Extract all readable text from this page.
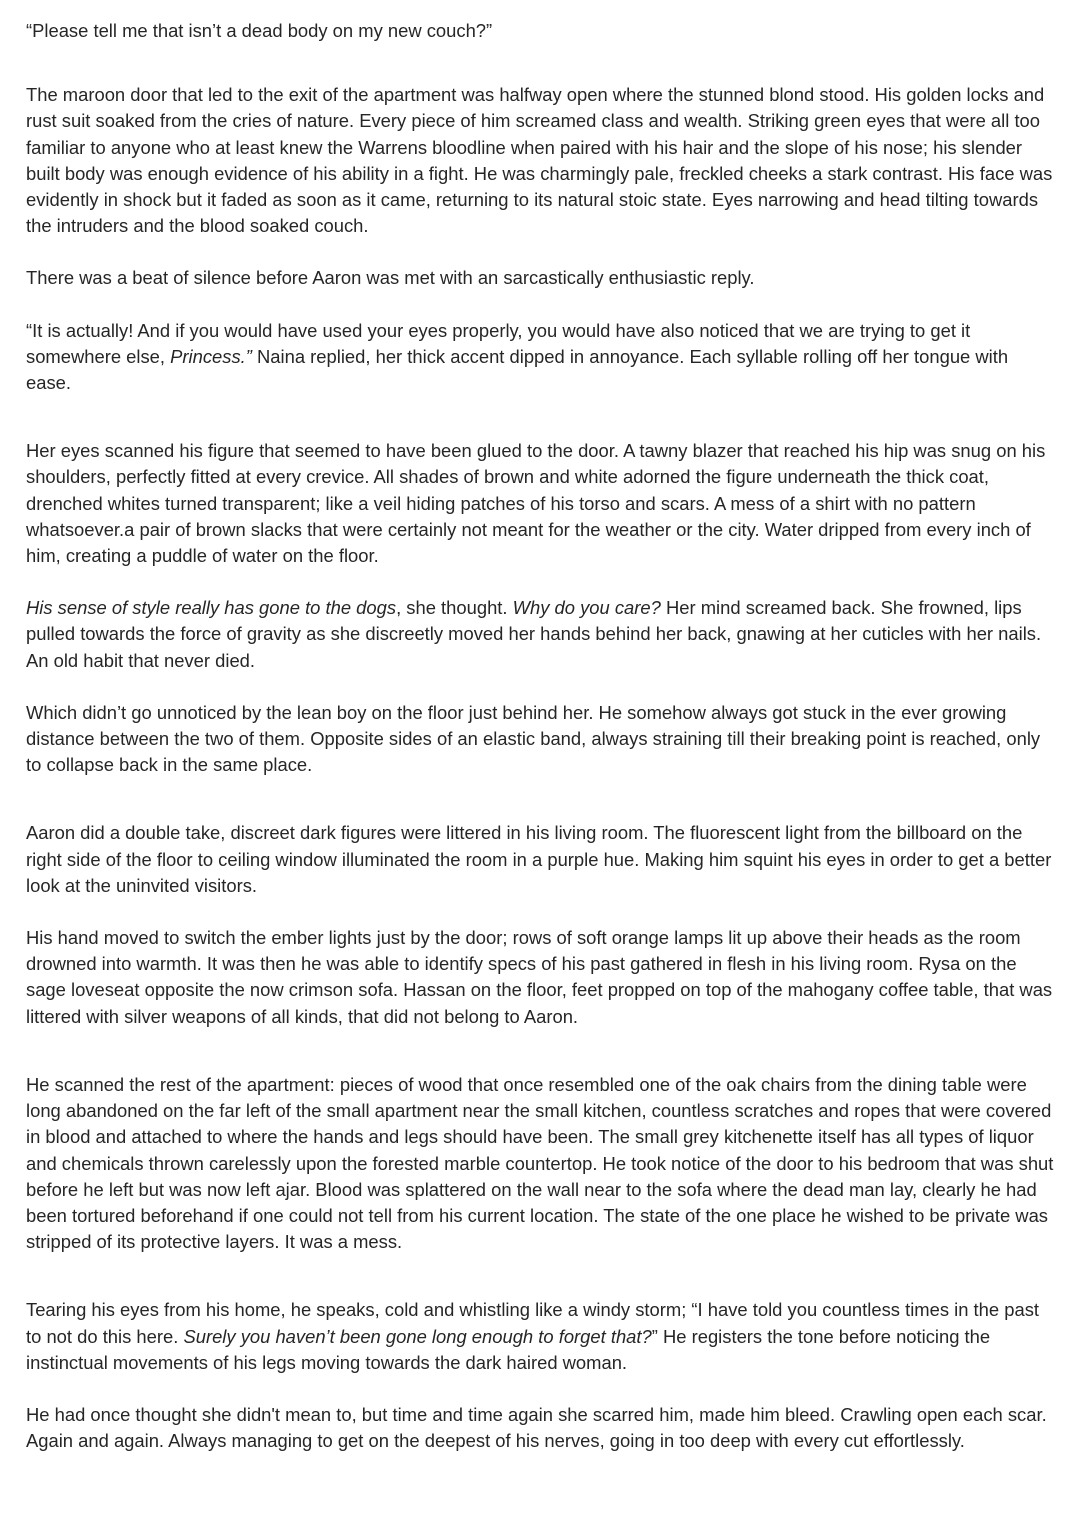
“Please tell me that isn’t a dead body on my new couch?”

The maroon door that led to the exit of the apartment was halfway open where the stunned blond stood. His golden locks and rust suit soaked from the cries of nature. Every piece of him screamed class and wealth. Striking green eyes that were all too familiar to anyone who at least knew the Warrens bloodline when paired with his hair and the slope of his nose; his slender built body was enough evidence of his ability in a fight. He was charmingly pale, freckled cheeks a stark contrast. His face was evidently in shock but it faded as soon as it came, returning to its natural stoic state. Eyes narrowing and head tilting towards the intruders and the blood soaked couch.

There was a beat of silence before Aaron was met with an sarcastically enthusiastic reply.

“It is actually! And if you would have used your eyes properly, you would have also noticed that we are trying to get it somewhere else, Princess.” Naina replied, her thick accent dipped in annoyance. Each syllable rolling off her tongue with ease.

Her eyes scanned his figure that seemed to have been glued to the door. A tawny blazer that reached his hip was snug on his shoulders, perfectly fitted at every crevice. All shades of brown and white adorned the figure underneath the thick coat, drenched whites turned transparent; like a veil hiding patches of his torso and scars. A mess of a shirt with no pattern whatsoever.a pair of brown slacks that were certainly not meant for the weather or the city. Water dripped from every inch of him, creating a puddle of water on the floor.

His sense of style really has gone to the dogs, she thought. Why do you care? Her mind screamed back. She frowned, lips pulled towards the force of gravity as she discreetly moved her hands behind her back, gnawing at her cuticles with her nails. An old habit that never died.

Which didn’t go unnoticed by the lean boy on the floor just behind her. He somehow always got stuck in the ever growing distance between the two of them. Opposite sides of an elastic band, always straining till their breaking point is reached, only to collapse back in the same place.

Aaron did a double take, discreet dark figures were littered in his living room. The fluorescent light from the billboard on the right side of the floor to ceiling window illuminated the room in a purple hue. Making him squint his eyes in order to get a better look at the uninvited visitors.

His hand moved to switch the ember lights just by the door; rows of soft orange lamps lit up above their heads as the room drowned into warmth. It was then he was able to identify specs of his past gathered in flesh in his living room. Rysa on the sage loveseat opposite the now crimson sofa. Hassan on the floor, feet propped on top of the mahogany coffee table, that was littered with silver weapons of all kinds, that did not belong to Aaron.

He scanned the rest of the apartment: pieces of wood that once resembled one of the oak chairs from the dining table were long abandoned on the far left of the small apartment near the small kitchen, countless scratches and ropes that were covered in blood and attached to where the hands and legs should have been. The small grey kitchenette itself has all types of liquor and chemicals thrown carelessly upon the forested marble countertop. He took notice of the door to his bedroom that was shut before he left but was now left ajar. Blood was splattered on the wall near to the sofa where the dead man lay, clearly he had been tortured beforehand if one could not tell from his current location. The state of the one place he wished to be private was stripped of its protective layers. It was a mess.

Tearing his eyes from his home, he speaks, cold and whistling like a windy storm; “I have told you countless times in the past to not do this here. Surely you haven’t been gone long enough to forget that?” He registers the tone before noticing the instinctual movements of his legs moving towards the dark haired woman.

He had once thought she didn't mean to, but time and time again she scarred him, made him bleed. Crawling open each scar. Again and again. Always managing to get on the deepest of his nerves, going in too deep with every cut effortlessly.
